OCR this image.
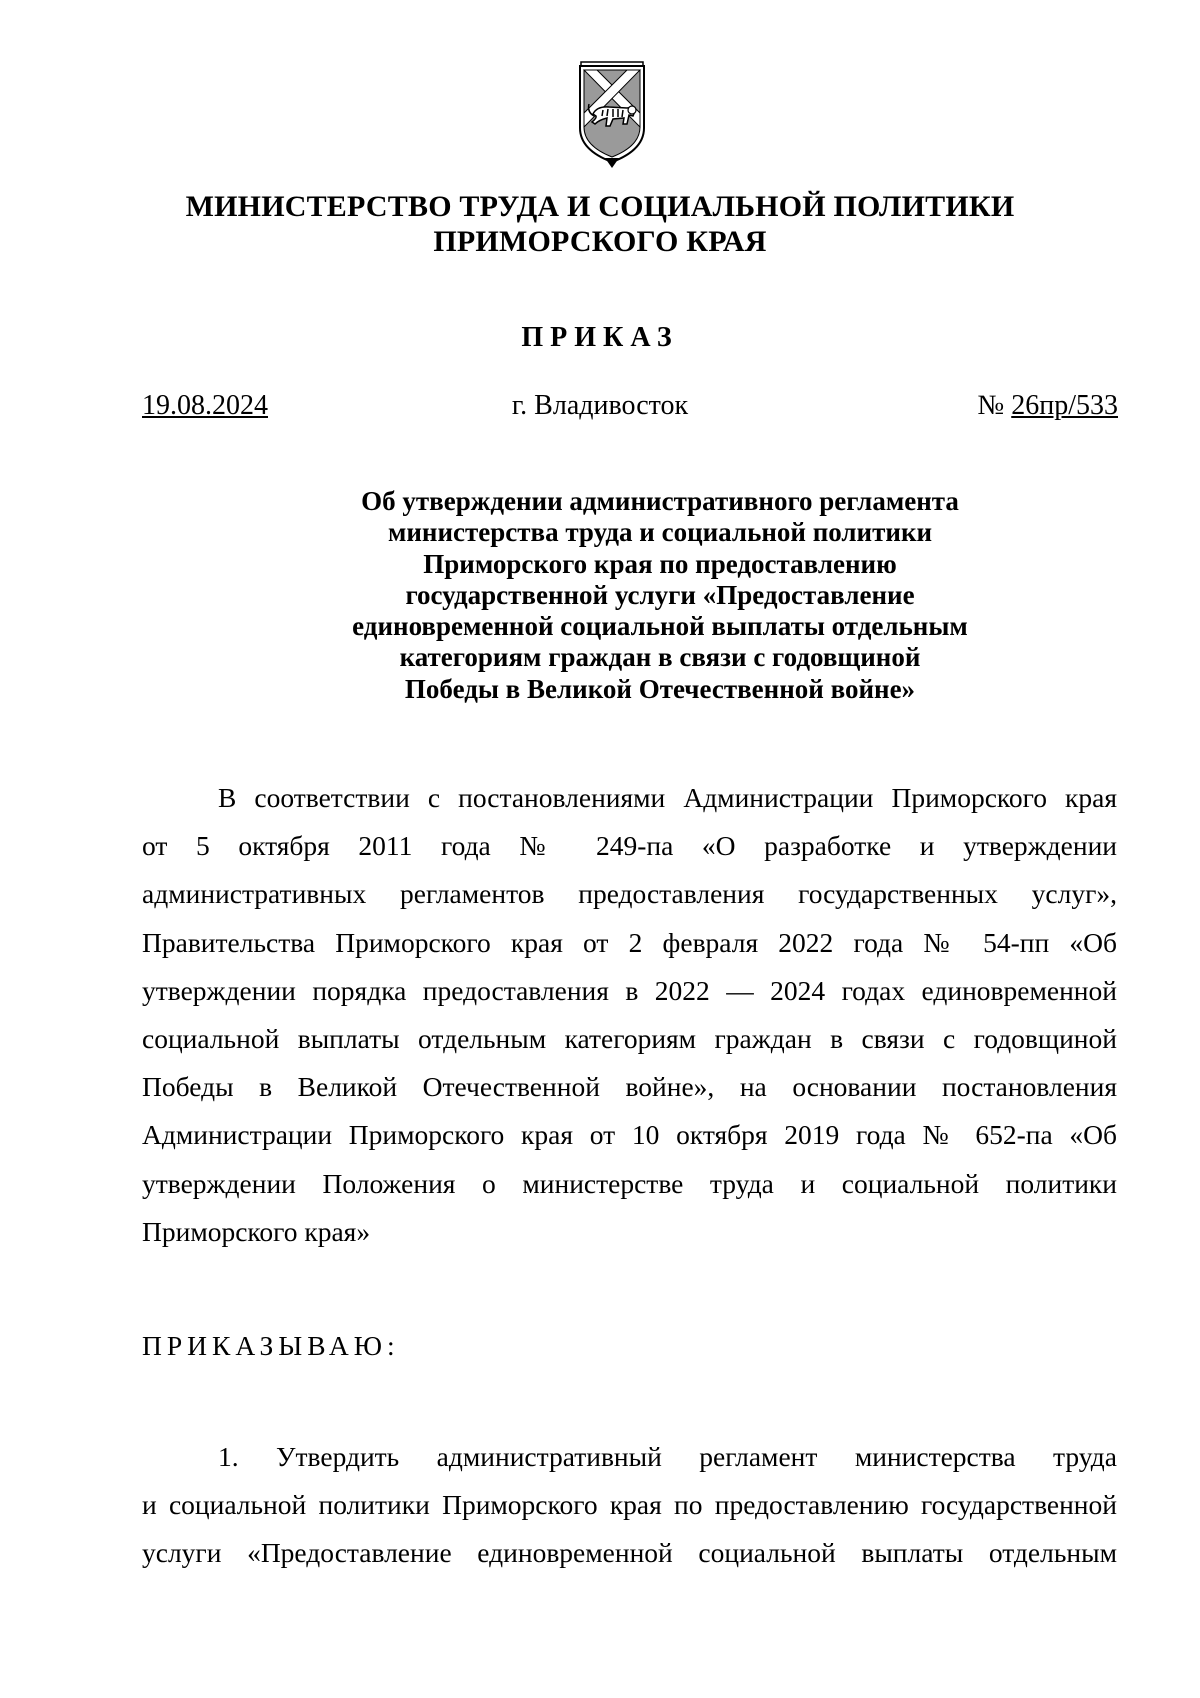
МИНИСТЕРСТВО ТРУДА И СОЦИАЛЬНОЙ ПОЛИТИКИ
ПРИМОРСКОГО КРАЯ
ПРИКАЗ
19.08.2024	г. Владивосток	№ 26пр/533
Об утверждении административного регламента
министерства труда и социальной политики
Приморского края по предоставлению
государственной услуги «Предоставление
единовременной социальной выплаты отдельным
категориям граждан в связи с годовщиной
Победы в Великой Отечественной войне»
В соответствии с постановлениями Администрации Приморского края
от 5 октября 2011 года № 249-па «О разработке и утверждении
административных регламентов предоставления государственных услуг»,
Правительства Приморского края от 2 февраля 2022 года № 54-пп «Об
утверждении порядка предоставления в 2022 — 2024 годах единовременной
социальной выплаты отдельным категориям граждан в связи с годовщиной
Победы в Великой Отечественной войне», на основании постановления
Администрации Приморского края от 10 октября 2019 года № 652-па «Об
утверждении Положения о министерстве труда и социальной политики
Приморского края»
ПРИКАЗЫВАЮ:
1. Утвердить административный регламент министерства труда
и социальной политики Приморского края по предоставлению государственной
услуги «Предоставление единовременной социальной выплаты отдельным
